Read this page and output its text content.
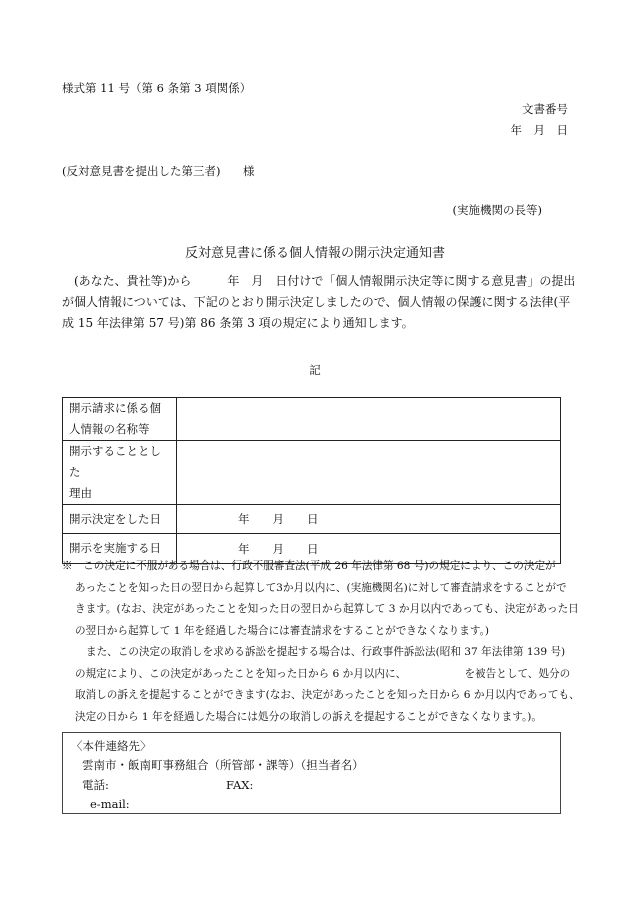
様式第 11 号（第 6 条第 3 項関係）
文書番号
年　月　日
(反対意見書を提出した第三者) 様
(実施機関の長等)
反対意見書に係る個人情報の開示決定通知書
(あなた、貴社等)から　　　年　月　日付けで「個人情報開示決定等に関する意見書」の提出
が個人情報については、下記のとおり開示決定しましたので、個人情報の保護に関する法律(平
成 15 年法律第 57 号)第 86 条第 3 項の規定により通知します。
記
開示請求に係る個
人情報の名称等	

開示することとした
理由	

開示決定をした日	年　　月　　日

開示を実施する日	年　　月　　日
※　この決定に不服がある場合は、行政不服審査法(平成 26 年法律第 68 号)の規定により、この決定が
あったことを知った日の翌日から起算して3か月以内に、(実施機関名)に対して審査請求をすることがで
きます。(なお、決定があったことを知った日の翌日から起算して 3 か月以内であっても、決定があった日
の翌日から起算して 1 年を経過した場合には審査請求をすることができなくなります。)
また、この決定の取消しを求める訴訟を提起する場合は、行政事件訴訟法(昭和 37 年法律第 139 号)
の規定により、この決定があったことを知った日から 6 か月以内に、　　　　　　を被告として、処分の
取消しの訴えを提起することができます(なお、決定があったことを知った日から 6 か月以内であっても、
決定の日から 1 年を経過した場合には処分の取消しの訴えを提起することができなくなります。)。
〈本件連絡先〉
雲南市・飯南町事務組合（所管部・課等）（担当者名）
電話:	FAX:
e-mail:
